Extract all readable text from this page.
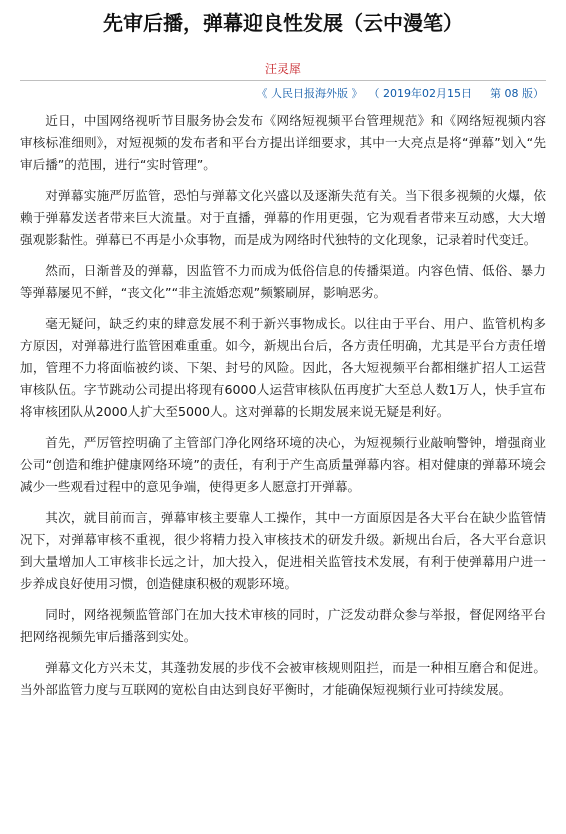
先审后播，弹幕迎良性发展（云中漫笔）
汪灵犀
《 人民日报海外版 》 （ 2019年02月15日 第 08 版）

近日，中国网络视听节目服务协会发布《网络短视频平台管理规范》和《网络短视频内容审核标准细则》，对短视频的发布者和平台方提出详细要求，其中一大亮点是将“弹幕”划入“先审后播”的范围，进行“实时管理”。

对弹幕实施严厉监管，恐怕与弹幕文化兴盛以及逐渐失范有关。当下很多视频的火爆，依赖于弹幕发送者带来巨大流量。对于直播，弹幕的作用更强，它为观看者带来互动感，大大增强观影黏性。弹幕已不再是小众事物，而是成为网络时代独特的文化现象，记录着时代变迁。

然而，日渐普及的弹幕，因监管不力而成为低俗信息的传播渠道。内容色情、低俗、暴力等弹幕屡见不鲜，“丧文化”“非主流婚恋观”频繁刷屏，影响恶劣。

毫无疑问，缺乏约束的肆意发展不利于新兴事物成长。以往由于平台、用户、监管机构多方原因，对弹幕进行监管困难重重。如今，新规出台后，各方责任明确，尤其是平台方责任增加，管理不力将面临被约谈、下架、封号的风险。因此，各大短视频平台都相继扩招人工运营审核队伍。字节跳动公司提出将现有6000人运营审核队伍再度扩大至总人数1万人，快手宣布将审核团队从2000人扩大至5000人。这对弹幕的长期发展来说无疑是利好。

首先，严厉管控明确了主管部门净化网络环境的决心，为短视频行业敲响警钟，增强商业公司“创造和维护健康网络环境”的责任，有利于产生高质量弹幕内容。相对健康的弹幕环境会减少一些观看过程中的意见争端，使得更多人愿意打开弹幕。

其次，就目前而言，弹幕审核主要靠人工操作，其中一方面原因是各大平台在缺少监管情况下，对弹幕审核不重视，很少将精力投入审核技术的研发升级。新规出台后，各大平台意识到大量增加人工审核非长远之计，加大投入，促进相关监管技术发展，有利于使弹幕用户进一步养成良好使用习惯，创造健康积极的观影环境。

同时，网络视频监管部门在加大技术审核的同时，广泛发动群众参与举报，督促网络平台把网络视频先审后播落到实处。

弹幕文化方兴未艾，其蓬勃发展的步伐不会被审核规则阻拦，而是一种相互磨合和促进。当外部监管力度与互联网的宽松自由达到良好平衡时，才能确保短视频行业可持续发展。
